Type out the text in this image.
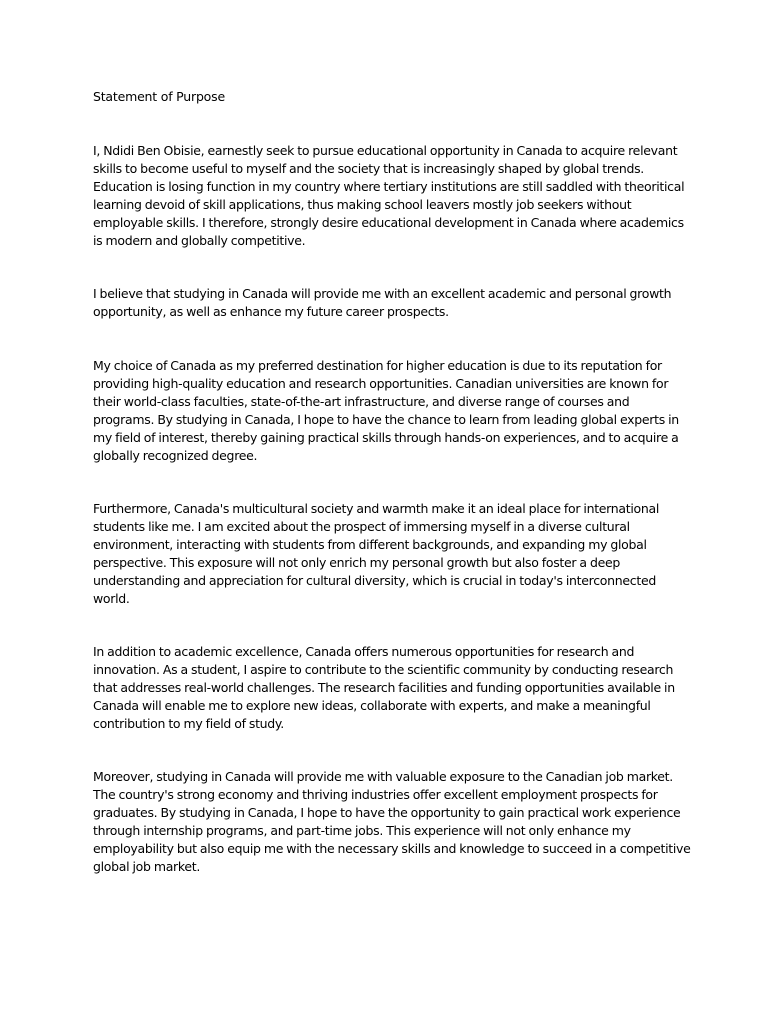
Statement of Purpose

I, Ndidi Ben Obisie, earnestly seek to pursue educational opportunity in Canada to acquire relevant
skills to become useful to myself and the society that is increasingly shaped by global trends.
Education is losing function in my country where tertiary institutions are still saddled with theoritical
learning devoid of skill applications, thus making school leavers mostly job seekers without
employable skills. I therefore, strongly desire educational development in Canada where academics
is modern and globally competitive.

I believe that studying in Canada will provide me with an excellent academic and personal growth
opportunity, as well as enhance my future career prospects.

My choice of Canada as my preferred destination for higher education is due to its reputation for
providing high-quality education and research opportunities. Canadian universities are known for
their world-class faculties, state-of-the-art infrastructure, and diverse range of courses and
programs. By studying in Canada, I hope to have the chance to learn from leading global experts in
my field of interest, thereby gaining practical skills through hands-on experiences, and to acquire a
globally recognized degree.

Furthermore, Canada's multicultural society and warmth make it an ideal place for international
students like me. I am excited about the prospect of immersing myself in a diverse cultural
environment, interacting with students from different backgrounds, and expanding my global
perspective. This exposure will not only enrich my personal growth but also foster a deep
understanding and appreciation for cultural diversity, which is crucial in today's interconnected
world.

In addition to academic excellence, Canada offers numerous opportunities for research and
innovation. As a student, I aspire to contribute to the scientific community by conducting research
that addresses real-world challenges. The research facilities and funding opportunities available in
Canada will enable me to explore new ideas, collaborate with experts, and make a meaningful
contribution to my field of study.

Moreover, studying in Canada will provide me with valuable exposure to the Canadian job market.
The country's strong economy and thriving industries offer excellent employment prospects for
graduates. By studying in Canada, I hope to have the opportunity to gain practical work experience
through internship programs, and part-time jobs. This experience will not only enhance my
employability but also equip me with the necessary skills and knowledge to succeed in a competitive
global job market.
